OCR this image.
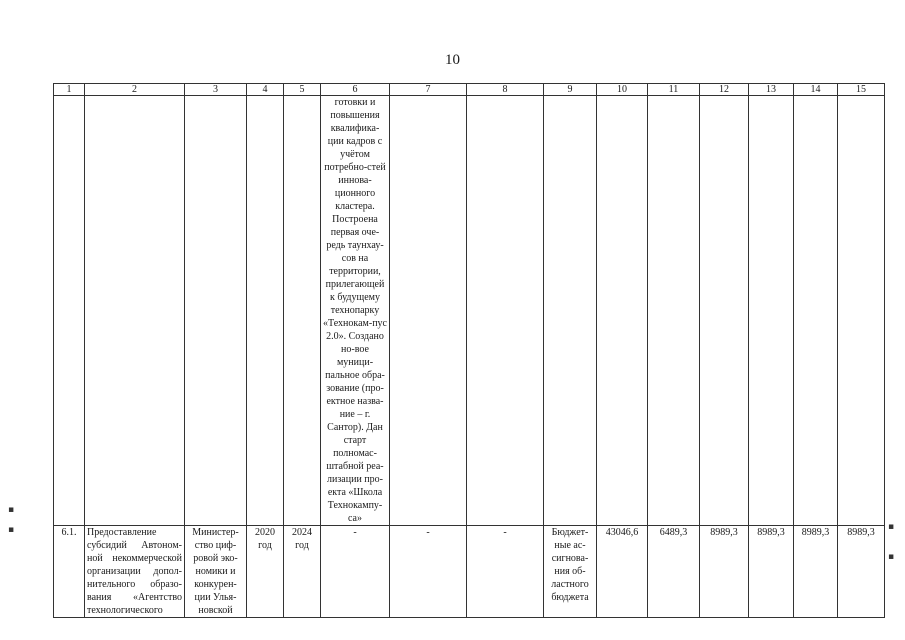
10
1	2	3	4	5	6	7	8	9	10	11	12	13	14	15
					готовки и повышения квалифика-ции кадров с учётом потребно-стей иннова-ционного кластера. Построена первая оче-редь таунхау-сов на территории, прилегающей к будущему технопарку «Технокам-пус 2.0». Создано но-вое муници-пальное обра-зование (про-ектное назва-ние – г. Сантор). Дан старт полномас-штабной реа-лизации про-екта «Школа Технокампу-са»									
6.1.	Предоставление субсидий Автоном-ной некоммерческой организации допол-нительного образо-вания «Агентство технологического	Министер-ство циф-ровой эко-номики и конкурен-ции Улья-новской	2020 год	2024 год	-	-	-	Бюджет-ные ас-сигнова-ния об-ластного бюджета	43046,6	6489,3	8989,3	8989,3	8989,3	8989,3
▪
▪	▪
▪
